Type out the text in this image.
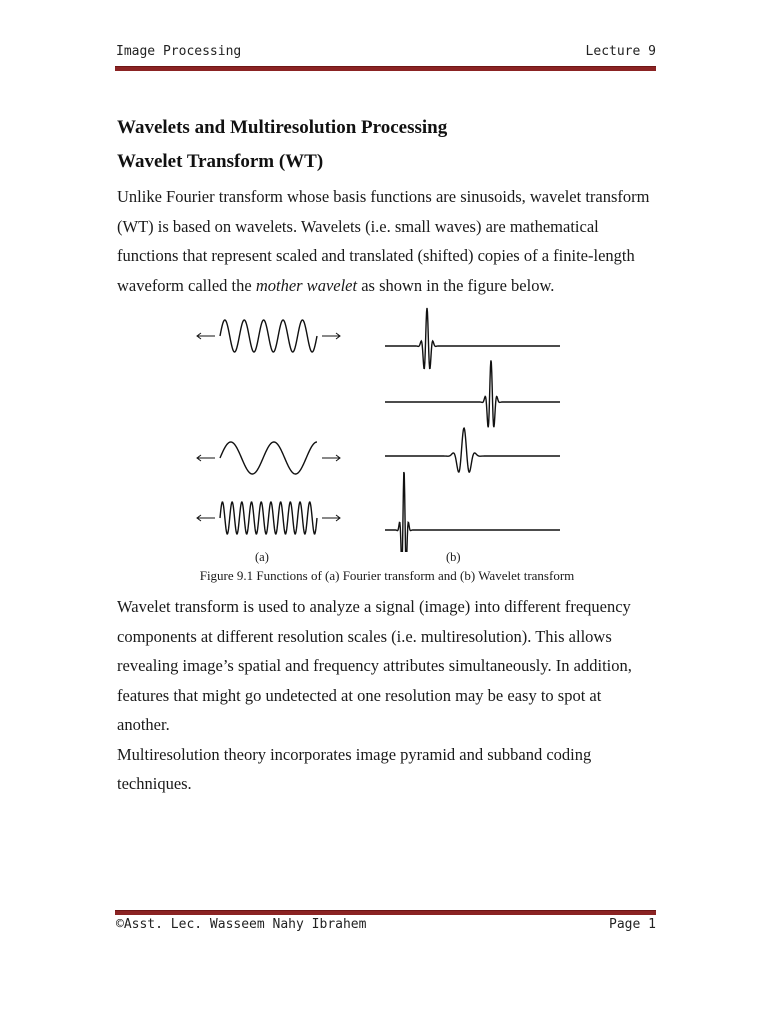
Image Processing	Lecture 9
Wavelets and Multiresolution Processing
Wavelet Transform (WT)

Unlike Fourier transform whose basis functions are sinusoids, wavelet transform (WT) is based on wavelets. Wavelets (i.e. small waves) are mathematical functions that represent scaled and translated (shifted) copies of a finite-length waveform called the mother wavelet as shown in the figure below.

(a)	(b)
Figure 9.1 Functions of (a) Fourier transform and (b) Wavelet transform

Wavelet transform is used to analyze a signal (image) into different frequency components at different resolution scales (i.e. multiresolution). This allows revealing image’s spatial and frequency attributes simultaneously. In addition, features that might go undetected at one resolution may be easy to spot at another.

Multiresolution theory incorporates image pyramid and subband coding techniques.

©Asst. Lec. Wasseem Nahy Ibrahem	Page 1
